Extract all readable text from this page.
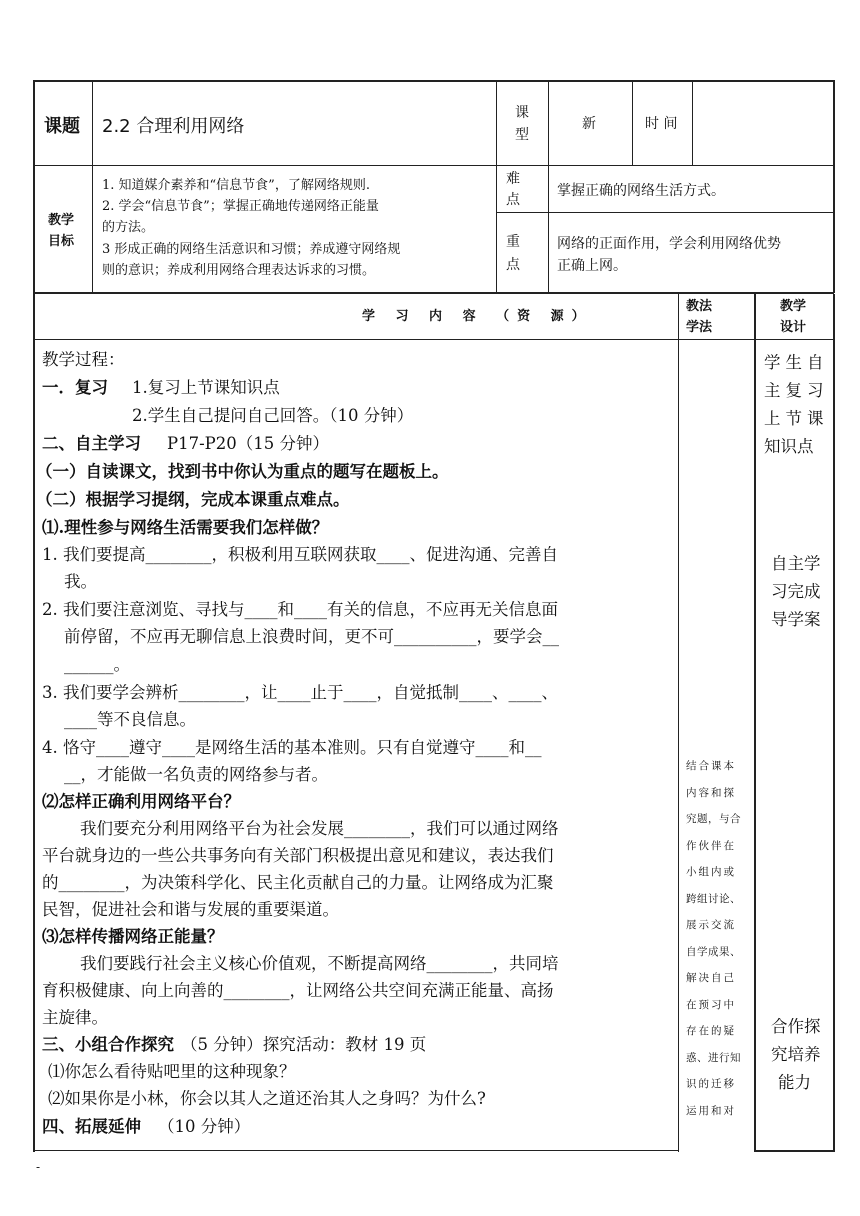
课题 2.2 合理利用网络
课
型
新	时 间
教学
目标
1. 知道媒介素养和“信息节食”，了解网络规则.
2. 学会“信息节食”；掌握正确地传递网络正能量
的方法。
3 形成正确的网络生活意识和习惯；养成遵守网络规
则的意识；养成利用网络合理表达诉求的习惯。
难
点
掌握正确的网络生活方式。
重
点
网络的正面作用，学会利用网络优势
正确上网。
学 习 内 容 （资 源）
教法
学法
教学
设计
教学过程：
一．复习 1.复习上节课知识点
2.学生自己提问自己回答。（10 分钟）
二、自主学习 P17-P20（15 分钟）
（一）自读课文，找到书中你认为重点的题写在题板上。
（二）根据学习提纲，完成本课重点难点。
⑴.理性参与网络生活需要我们怎样做？
1. 我们要提高________，积极利用互联网获取____、促进沟通、完善自
我。
2. 我们要注意浏览、寻找与____和____有关的信息，不应再无关信息面
前停留，不应再无聊信息上浪费时间，更不可__________，要学会__
______。
3. 我们要学会辨析________，让____止于____，自觉抵制____、____、
____等不良信息。
4. 恪守____遵守____是网络生活的基本准则。只有自觉遵守____和__
__，才能做一名负责的网络参与者。
⑵怎样正确利用网络平台？
我们要充分利用网络平台为社会发展________，我们可以通过网络
平台就身边的一些公共事务向有关部门积极提出意见和建议，表达我们
的________，为决策科学化、民主化贡献自己的力量。让网络成为汇聚
民智，促进社会和谐与发展的重要渠道。
⑶怎样传播网络正能量？
我们要践行社会主义核心价值观，不断提高网络________，共同培
育积极健康、向上向善的________，让网络公共空间充满正能量、高扬
主旋律。
三、小组合作探究 （5 分钟）探究活动：教材 19 页
⑴你怎么看待贴吧里的这种现象？
⑵如果你是小林，你会以其人之道还治其人之身吗？为什么?
四、拓展延伸 （10 分钟）
结合课本
内容和探
究题，与合
作伙伴在
小组内或
跨组讨论、
展示交流
自学成果、
解决自己
在预习中
存在的疑
惑、进行知
识的迁移
运用和对
学生自
主复习
上节课
知识点
自主学
习完成
导学案
合作探
究培养
能力
-
